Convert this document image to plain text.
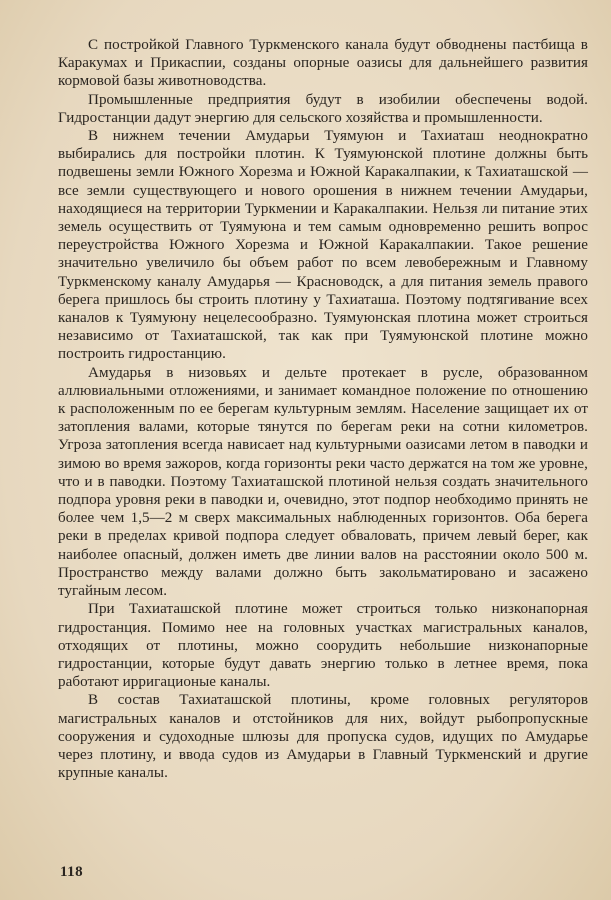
С постройкой Главного Туркменского канала будут обводнены пастбища в Каракумах и Прикаспии, созданы опорные оазисы для дальнейшего развития кормовой базы животноводства.

Промышленные предприятия будут в изобилии обеспечены водой. Гидростанции дадут энергию для сельского хозяйства и промышленности.

В нижнем течении Амударьи Туямуюн и Тахиаташ неоднократно выбирались для постройки плотин. К Туямуюнской плотине должны быть подвешены земли Южного Хорезма и Южной Каракалпакии, к Тахиаташской — все земли существующего и нового орошения в нижнем течении Амударьи, находящиеся на территории Туркмении и Каракалпакии. Нельзя ли питание этих земель осуществить от Туямуюна и тем самым одновременно решить вопрос переустройства Южного Хорезма и Южной Каракалпакии. Такое решение значительно увеличило бы объем работ по всем левобережным и Главному Туркменскому каналу Амударья — Красноводск, а для питания земель правого берега пришлось бы строить плотину у Тахиаташа. Поэтому подтягивание всех каналов к Туямуюну нецелесообразно. Туямуюнская плотина может строиться независимо от Тахиаташской, так как при Туямуюнской плотине можно построить гидростанцию.

Амударья в низовьях и дельте протекает в русле, образованном аллювиальными отложениями, и занимает командное положение по отношению к расположенным по ее берегам культурным землям. Население защищает их от затопления валами, которые тянутся по берегам реки на сотни километров. Угроза затопления всегда нависает над культурными оазисами летом в паводки и зимою во время зажоров, когда горизонты реки часто держатся на том же уровне, что и в паводки. Поэтому Тахиаташской плотиной нельзя создать значительного подпора уровня реки в паводки и, очевидно, этот подпор необходимо принять не более чем 1,5—2 м сверх максимальных наблюденных горизонтов. Оба берега реки в пределах кривой подпора следует обваловать, причем левый берег, как наиболее опасный, должен иметь две линии валов на расстоянии около 500 м. Пространство между валами должно быть закольматировано и засажено тугайным лесом.

При Тахиаташской плотине может строиться только низконапорная гидростанция. Помимо нее на головных участках магистральных каналов, отходящих от плотины, можно соорудить небольшие низконапорные гидростанции, которые будут давать энергию только в летнее время, пока работают ирригационые каналы.

В состав Тахиаташской плотины, кроме головных регуляторов магистральных каналов и отстойников для них, войдут рыбопропускные сооружения и судоходные шлюзы для пропуска судов, идущих по Амударье через плотину, и ввода судов из Амударьи в Главный Туркменский и другие крупные каналы.

118
